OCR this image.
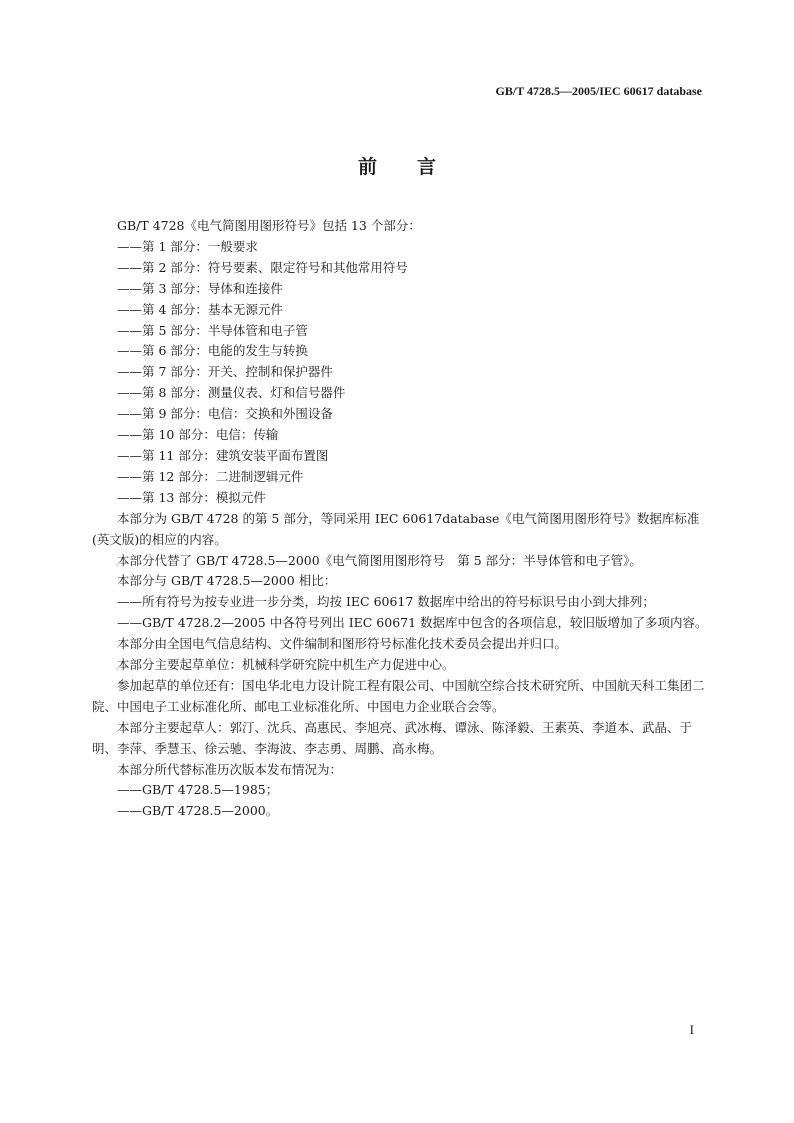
GB/T 4728.5—2005/IEC 60617 database
前言

GB/T 4728《电气简图用图形符号》包括 13 个部分：

——第 1 部分：一般要求

——第 2 部分：符号要素、限定符号和其他常用符号

——第 3 部分：导体和连接件

——第 4 部分：基本无源元件

——第 5 部分：半导体管和电子管

——第 6 部分：电能的发生与转换

——第 7 部分：开关、控制和保护器件

——第 8 部分：测量仪表、灯和信号器件

——第 9 部分：电信：交换和外围设备

——第 10 部分：电信：传输

——第 11 部分：建筑安装平面布置图

——第 12 部分：二进制逻辑元件

——第 13 部分：模拟元件

本部分为 GB/T 4728 的第 5 部分，等同采用 IEC 60617database《电气简图用图形符号》数据库标准(英文版)的相应的内容。

本部分代替了 GB/T 4728.5—2000《电气简图用图形符号　第 5 部分：半导体管和电子管》。

本部分与 GB/T 4728.5—2000 相比：

——所有符号为按专业进一步分类，均按 IEC 60617 数据库中给出的符号标识号由小到大排列；

——GB/T 4728.2—2005 中各符号列出 IEC 60671 数据库中包含的各项信息，较旧版增加了多项内容。

本部分由全国电气信息结构、文件编制和图形符号标准化技术委员会提出并归口。

本部分主要起草单位：机械科学研究院中机生产力促进中心。

参加起草的单位还有：国电华北电力设计院工程有限公司、中国航空综合技术研究所、中国航天科工集团二院、中国电子工业标准化所、邮电工业标准化所、中国电力企业联合会等。

本部分主要起草人：郭汀、沈兵、高惠民、李旭亮、武冰梅、谭泳、陈泽毅、王素英、李道本、武晶、于明、李萍、季慧玉、徐云驰、李海波、李志勇、周鹏、高永梅。

本部分所代替标准历次版本发布情况为：

——GB/T 4728.5—1985；

——GB/T 4728.5—2000。

I
